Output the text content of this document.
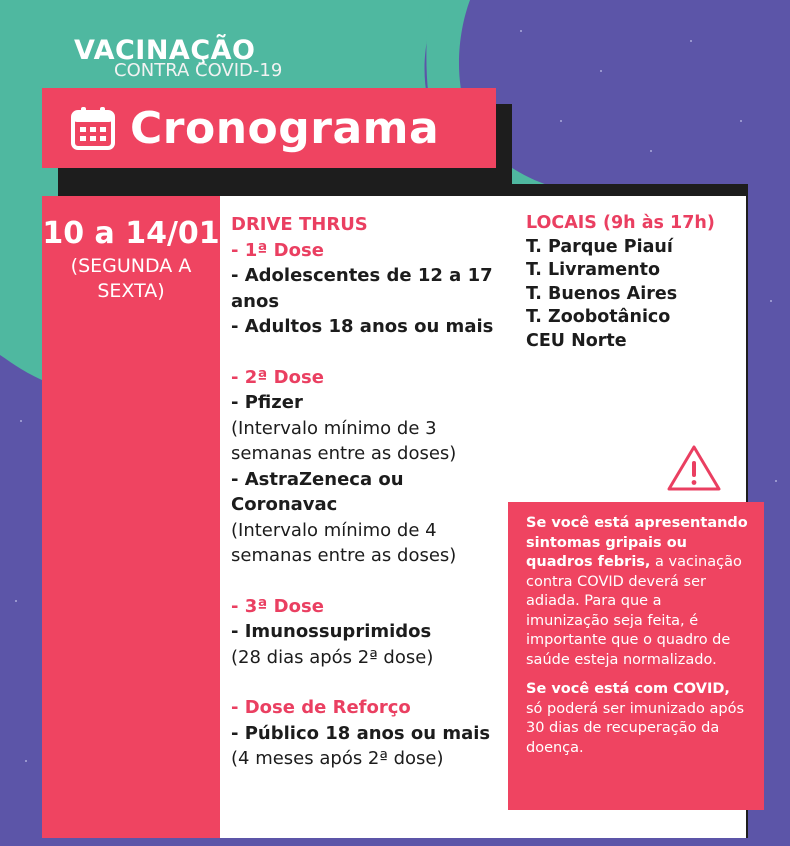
VACINAÇÃO
CONTRA COVID-19
Cronograma
10 a 14/01
(SEGUNDA A SEXTA)
DRIVE THRUS
- 1ª Dose
- Adolescentes de 12 a 17 anos
- Adultos 18 anos ou mais
- 2ª Dose
- Pfizer
(Intervalo mínimo de 3 semanas entre as doses)
- AstraZeneca ou Coronavac
(Intervalo mínimo de 4 semanas entre as doses)
- 3ª Dose
- Imunossuprimidos
(28 dias após 2ª dose)
- Dose de Reforço
- Público 18 anos ou mais
(4 meses após 2ª dose)
LOCAIS (9h às 17h)
T. Parque Piauí
T. Livramento
T. Buenos Aires
T. Zoobotânico
CEU Norte

Se você está apresentando sintomas gripais ou quadros febris, a vacinação contra COVID deverá ser adiada. Para que a imunização seja feita, é importante que o quadro de saúde esteja normalizado.

Se você está com COVID, só poderá ser imunizado após 30 dias de recuperação da doença.
